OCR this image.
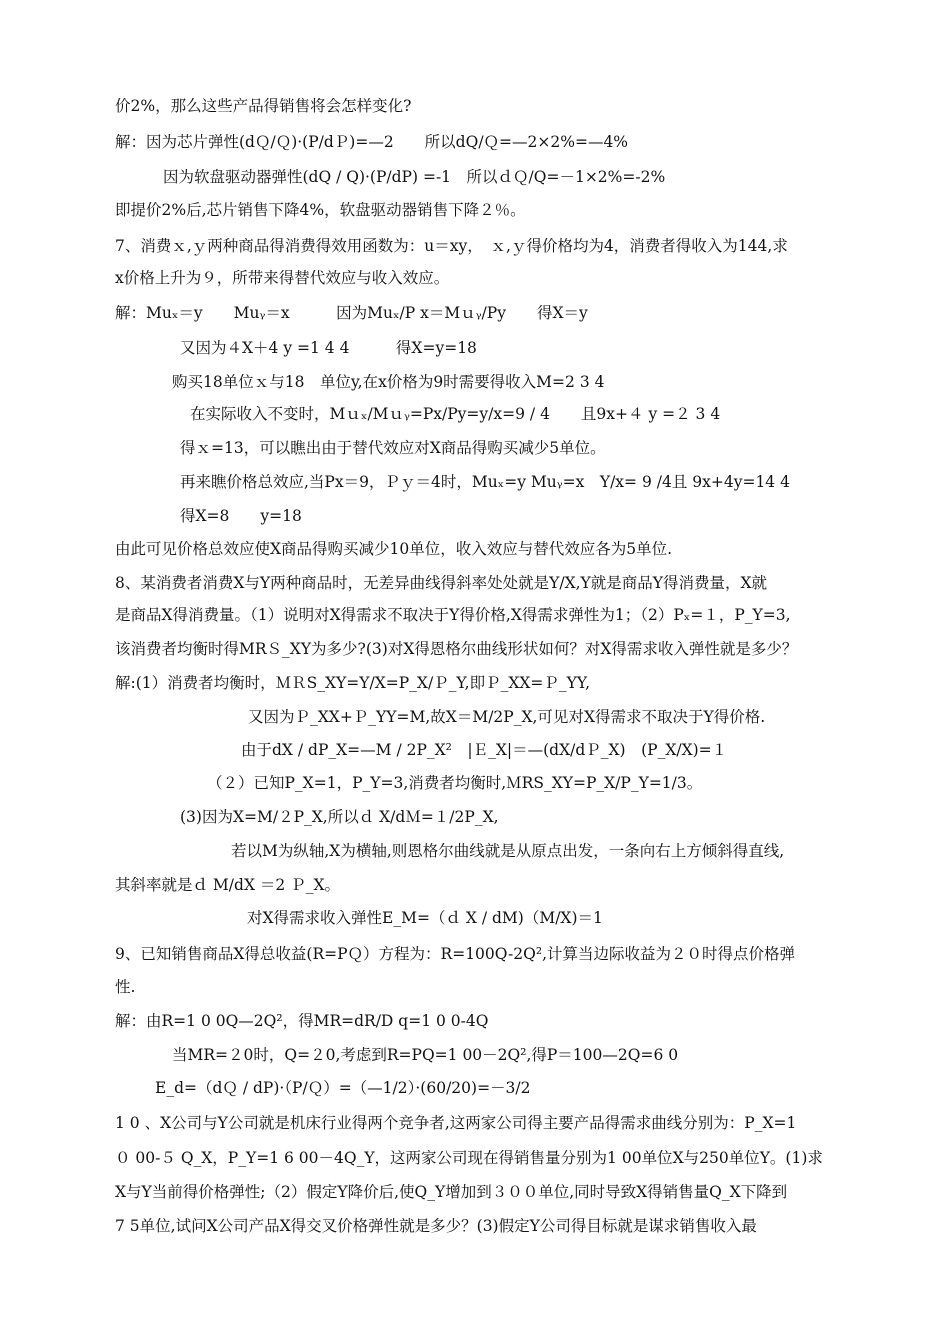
价2%，那么这些产品得销售将会怎样变化?

解：因为芯片弹性(dＱ/Ｑ)·(P/dＰ)=—2　　所以dQ/Ｑ=—2×2%=—4%

因为软盘驱动器弹性(dQ / Q)·(P/dP) =-1　所以ｄＱ/Q=－1×2%=-2%

即提价2%后,芯片销售下降4%，软盘驱动器销售下降２％。

7、消费ｘ,ｙ两种商品得消费得效用函数为：u＝xy，　ｘ,ｙ得价格均为4，消费者得收入为144,求

x价格上升为９，所带来得替代效应与收入效应。

解：Muₓ＝y　　Muᵧ＝x　　　因为Muₓ/P x＝Mｕᵧ/Py　　得X＝y

又因为４X＋4 y =1 4 4　　　得X=y=18

购买18单位ｘ与18　单位y,在x价格为9时需要得收入M=2 3 4

在实际收入不变时，Mｕₓ/Mｕᵧ=Px/Py=y/x=9 / 4　　且9x+４ y =２ 3 4

得ｘ=13，可以瞧出由于替代效应对X商品得购买减少5单位。

再来瞧价格总效应,当Px＝9，Ｐｙ＝4时，Muₓ=y Muᵧ=x　Y/x= 9 /4且 9x+4y=14 4

得X=8　　y=18

由此可见价格总效应使X商品得购买减少10单位，收入效应与替代效应各为5单位.

8、某消费者消费X与Y两种商品时，无差异曲线得斜率处处就是Y/X,Y就是商品Y得消费量，X就

是商品X得消费量。（1）说明对X得需求不取决于Y得价格,X得需求弹性为1；（2）Pₓ=１，P_Y=3,

该消费者均衡时得MRＳ_XY为多少?(3)对X得恩格尔曲线形状如何？对X得需求收入弹性就是多少？

解:(1）消费者均衡时，ＭＲS_XY=Y/X=P_X/Ｐ_Y,即Ｐ_XX=Ｐ_YY,

又因为Ｐ_XX+Ｐ_YY=M,故X＝M/2P_X,可见对X得需求不取决于Y得价格.

由于dX / dP_X=—M / 2P_X²　|Ｅ_X|＝—(dX/dＰ_X)　(P_X/X)=１

（２）已知P_X=1，P_Y=3,消费者均衡时,ＭRS_XY=P_X/P_Y=1/3。

(3)因为X=M/２P_X,所以ｄ X/dＭ=１/2P_X,

若以M为纵轴,X为横轴,则恩格尔曲线就是从原点出发，一条向右上方倾斜得直线,

其斜率就是ｄ M/dX ＝2 Ｐ_X。

对X得需求收入弹性E_M=（ｄ X / dM)（M/X)＝1

9、已知销售商品X得总收益(R=PＱ）方程为：R=100Q-2Q²,计算当边际收益为２０时得点价格弹

性.

解：由R=1 0 0Q—2Q²，得MR=dR/D q=1 0 0-4Q

当MR=２0时，Q=２0,考虑到R=PQ=1 00－2Q²,得P＝100—2Q=6 0

E_d=（dＱ / dP)·（P/Ｑ）=（—1/2）·(60/20)=－3/2

1 0 、X公司与Y公司就是机床行业得两个竞争者,这两家公司得主要产品得需求曲线分别为：P_X=1

０ 00-５ Q_X，P_Y=1 6 00－4Q_Y，这两家公司现在得销售量分别为1 00单位X与250单位Y。(1)求

X与Y当前得价格弹性;（2）假定Y降价后,使Q_Y增加到３００单位,同时导致X得销售量Q_X下降到

7 5单位,试问X公司产品X得交叉价格弹性就是多少？(3)假定Y公司得目标就是谋求销售收入最
